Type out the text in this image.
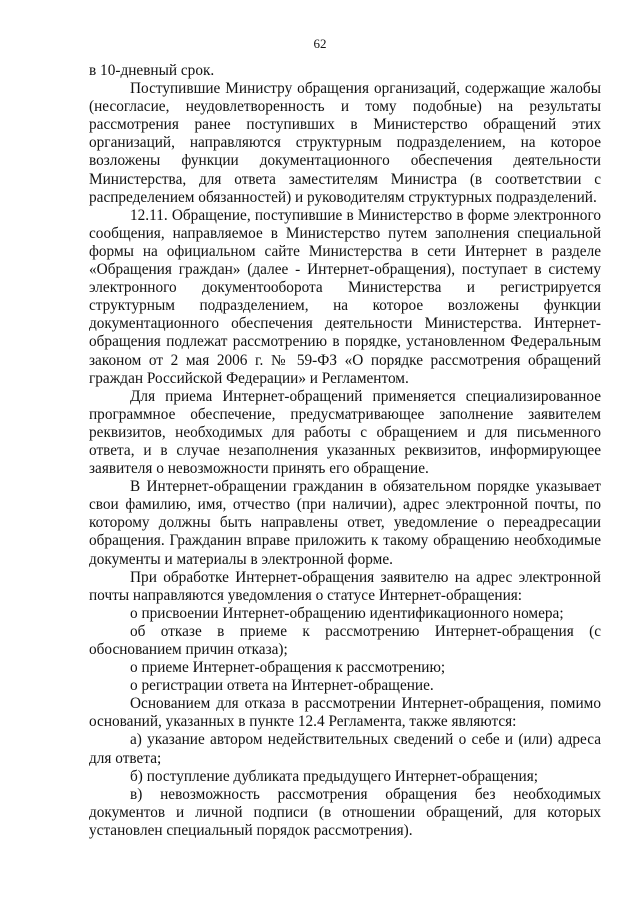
62

в 10-дневный срок.

Поступившие Министру обращения организаций, содержащие жалобы (несогласие, неудовлетворенность и тому подобные) на результаты рассмотрения ранее поступивших в Министерство обращений этих организаций, направляются структурным подразделением, на которое возложены функции документационного обеспечения деятельности Министерства, для ответа заместителям Министра (в соответствии с распределением обязанностей) и руководителям структурных подразделений.

12.11. Обращение, поступившие в Министерство в форме электронного сообщения, направляемое в Министерство путем заполнения специальной формы на официальном сайте Министерства в сети Интернет в разделе «Обращения граждан» (далее - Интернет-обращения), поступает в систему электронного документооборота Министерства и регистрируется структурным подразделением, на которое возложены функции документационного обеспечения деятельности Министерства. Интернет-обращения подлежат рассмотрению в порядке, установленном Федеральным законом от 2 мая 2006 г. № 59-ФЗ «О порядке рассмотрения обращений граждан Российской Федерации» и Регламентом.

Для приема Интернет-обращений применяется специализированное программное обеспечение, предусматривающее заполнение заявителем реквизитов, необходимых для работы с обращением и для письменного ответа, и в случае незаполнения указанных реквизитов, информирующее заявителя о невозможности принять его обращение.

В Интернет-обращении гражданин в обязательном порядке указывает свои фамилию, имя, отчество (при наличии), адрес электронной почты, по которому должны быть направлены ответ, уведомление о переадресации обращения. Гражданин вправе приложить к такому обращению необходимые документы и материалы в электронной форме.

При обработке Интернет-обращения заявителю на адрес электронной почты направляются уведомления о статусе Интернет-обращения:

о присвоении Интернет-обращению идентификационного номера;

об отказе в приеме к рассмотрению Интернет-обращения (с обоснованием причин отказа);

о приеме Интернет-обращения к рассмотрению;

о регистрации ответа на Интернет-обращение.

Основанием для отказа в рассмотрении Интернет-обращения, помимо оснований, указанных в пункте 12.4 Регламента, также являются:

а) указание автором недействительных сведений о себе и (или) адреса для ответа;

б) поступление дубликата предыдущего Интернет-обращения;

в) невозможность рассмотрения обращения без необходимых документов и личной подписи (в отношении обращений, для которых установлен специальный порядок рассмотрения).
